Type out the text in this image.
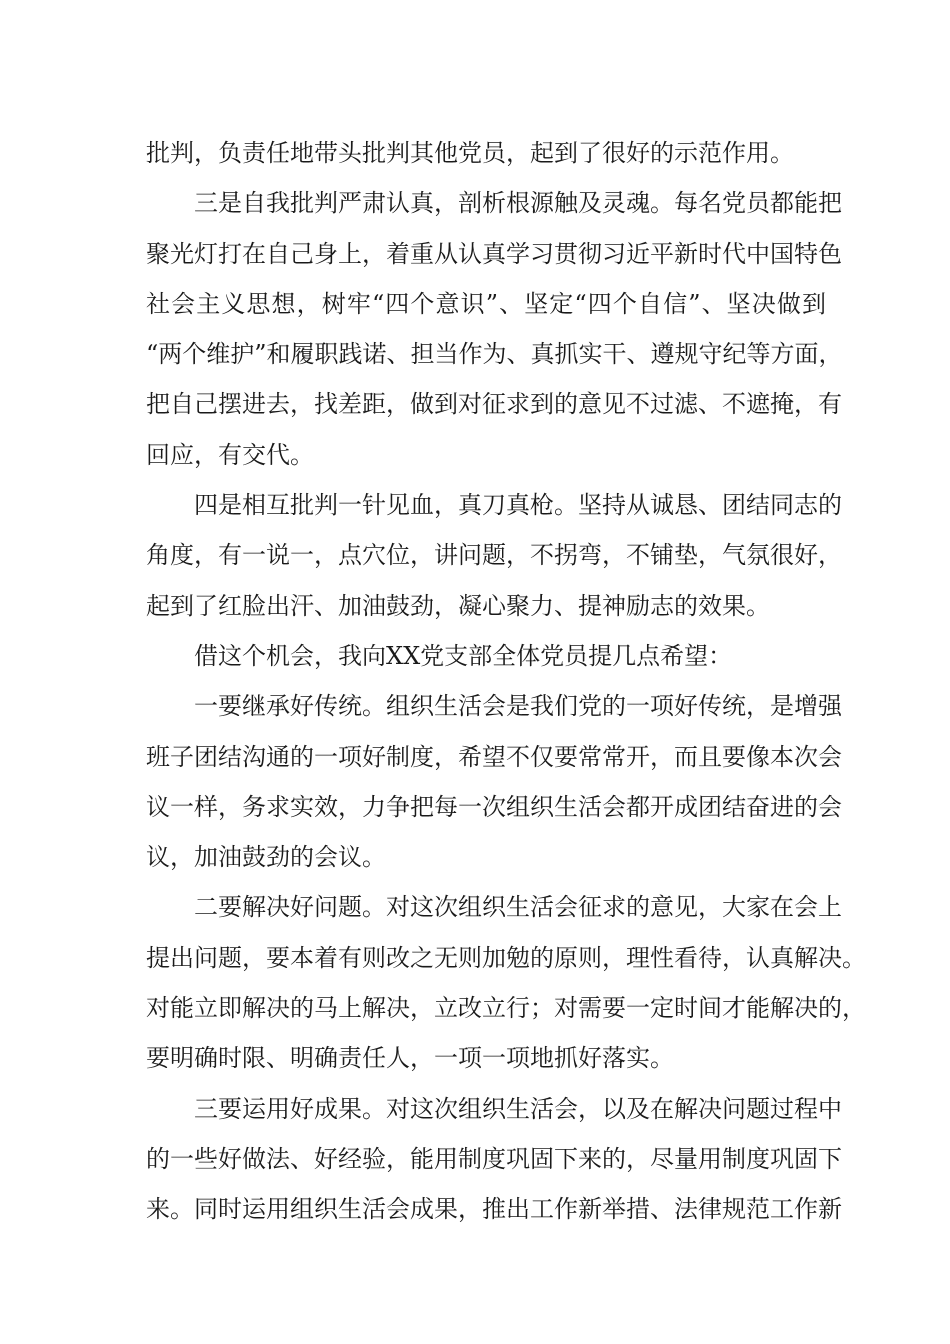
批判，负责任地带头批判其他党员，起到了很好的示范作用。
三是自我批判严肃认真，剖析根源触及灵魂。每名党员都能把
聚光灯打在自己身上，着重从认真学习贯彻习近平新时代中国特色
社会主义思想，树牢“四个意识”、坚定“四个自信”、坚决做到
“两个维护”和履职践诺、担当作为、真抓实干、遵规守纪等方面，
把自己摆进去，找差距，做到对征求到的意见不过滤、不遮掩，有
回应，有交代。
四是相互批判一针见血，真刀真枪。坚持从诚恳、团结同志的
角度，有一说一，点穴位，讲问题，不拐弯，不铺垫，气氛很好，
起到了红脸出汗、加油鼓劲，凝心聚力、提神励志的效果。
借这个机会，我向XX党支部全体党员提几点希望：
一要继承好传统。组织生活会是我们党的一项好传统，是增强
班子团结沟通的一项好制度，希望不仅要常常开，而且要像本次会
议一样，务求实效，力争把每一次组织生活会都开成团结奋进的会
议，加油鼓劲的会议。
二要解决好问题。对这次组织生活会征求的意见，大家在会上
提出问题，要本着有则改之无则加勉的原则，理性看待，认真解决。
对能立即解决的马上解决，立改立行；对需要一定时间才能解决的，
要明确时限、明确责任人，一项一项地抓好落实。
三要运用好成果。对这次组织生活会，以及在解决问题过程中
的一些好做法、好经验，能用制度巩固下来的，尽量用制度巩固下
来。同时运用组织生活会成果，推出工作新举措、法律规范工作新
